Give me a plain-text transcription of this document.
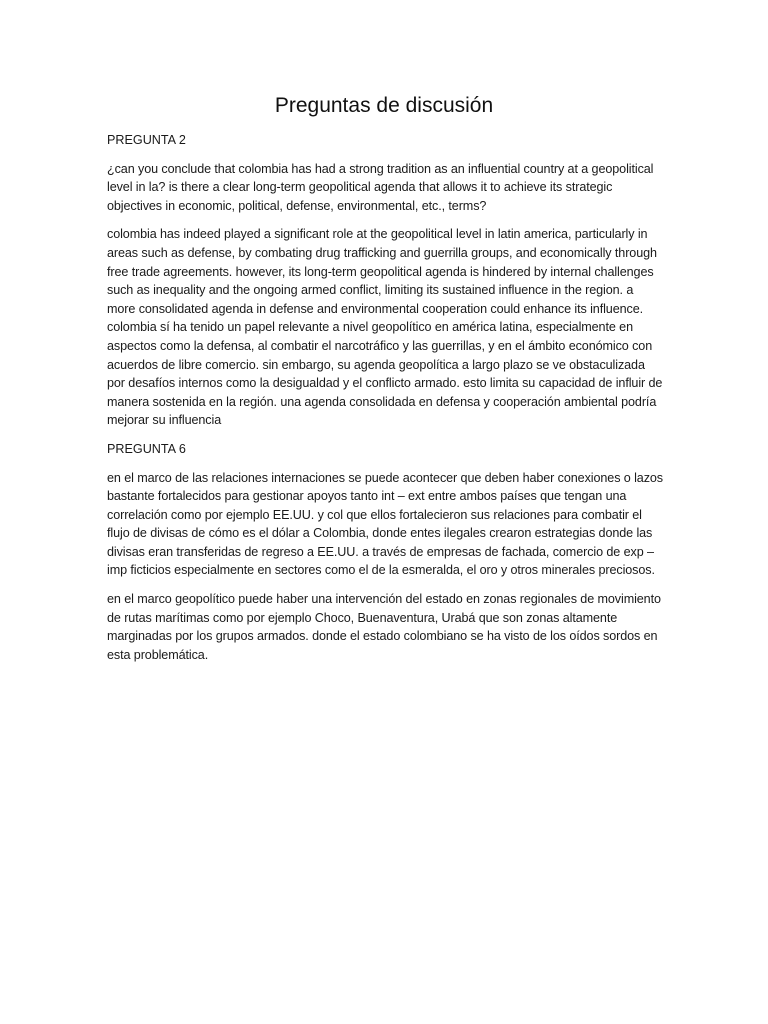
Preguntas de discusión

PREGUNTA 2

¿can you conclude that colombia has had a strong tradition as an influential country at a geopolitical level in la? is there a clear long-term geopolitical agenda that allows it to achieve its strategic objectives in economic, political, defense, environmental, etc., terms?

colombia has indeed played a significant role at the geopolitical level in latin america, particularly in areas such as defense, by combating drug trafficking and guerrilla groups, and economically through free trade agreements. however, its long-term geopolitical agenda is hindered by internal challenges such as inequality and the ongoing armed conflict, limiting its sustained influence in the region. a more consolidated agenda in defense and environmental cooperation could enhance its influence. colombia sí ha tenido un papel relevante a nivel geopolítico en américa latina, especialmente en aspectos como la defensa, al combatir el narcotráfico y las guerrillas, y en el ámbito económico con acuerdos de libre comercio. sin embargo, su agenda geopolítica a largo plazo se ve obstaculizada por desafíos internos como la desigualdad y el conflicto armado. esto limita su capacidad de influir de manera sostenida en la región. una agenda consolidada en defensa y cooperación ambiental podría mejorar su influencia

PREGUNTA 6

en el marco de las relaciones internaciones se puede acontecer que deben haber conexiones o lazos bastante fortalecidos para gestionar apoyos tanto int – ext entre ambos países que tengan una correlación como por ejemplo EE.UU. y col que ellos fortalecieron sus relaciones para combatir el flujo de divisas de cómo es el dólar a Colombia, donde entes ilegales crearon estrategias donde las divisas eran transferidas de regreso a EE.UU. a través de empresas de fachada, comercio de exp – imp ficticios especialmente en sectores como el de la esmeralda, el oro y otros minerales preciosos.

en el marco geopolítico puede haber una intervención del estado en zonas regionales de movimiento de rutas marítimas como por ejemplo Choco, Buenaventura, Urabá que son zonas altamente marginadas por los grupos armados. donde el estado colombiano se ha visto de los oídos sordos en esta problemática.
